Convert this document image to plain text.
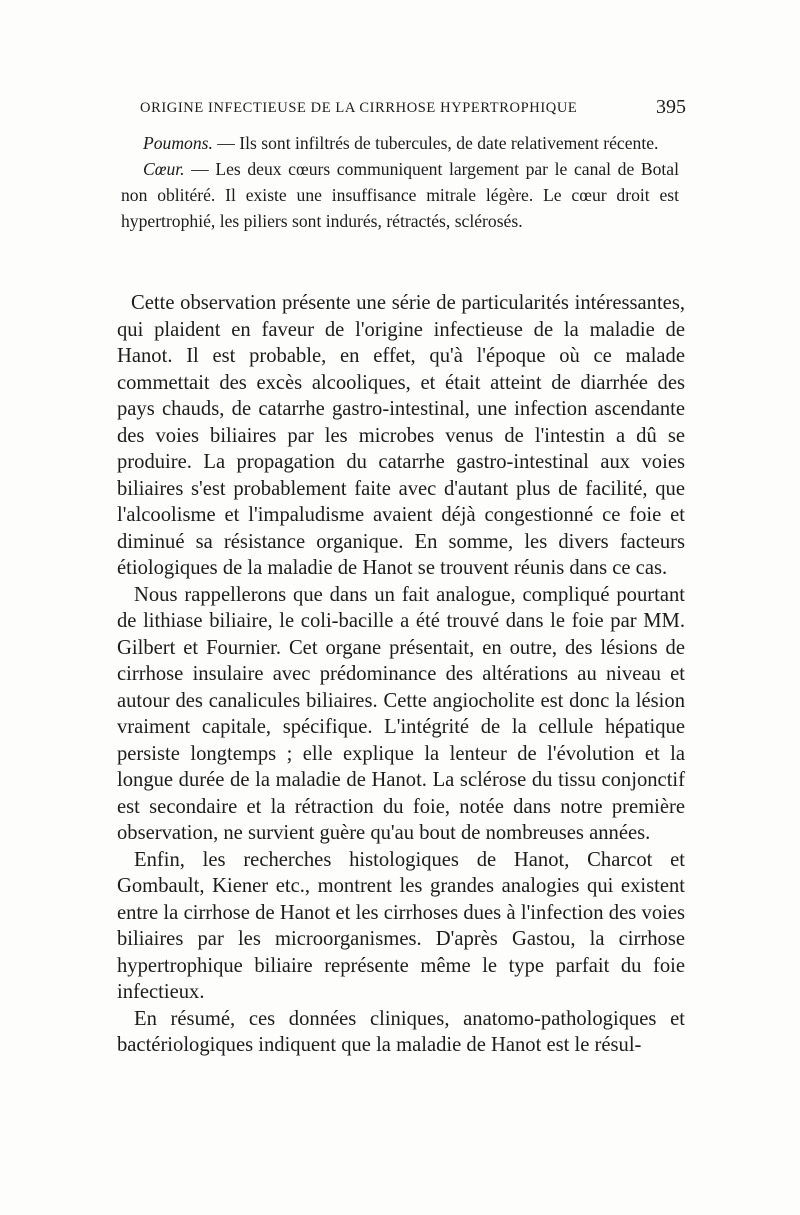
ORIGINE INFECTIEUSE DE LA CIRRHOSE HYPERTROPHIQUE	395

Poumons. — Ils sont infiltrés de tubercules, de date relativement récente.

Cœur. — Les deux cœurs communiquent largement par le canal de Botal non oblitéré. Il existe une insuffisance mitrale légère. Le cœur droit est hypertrophié, les piliers sont indurés, rétractés, sclérosés.

Cette observation présente une série de particularités intéressantes, qui plaident en faveur de l'origine infectieuse de la maladie de Hanot. Il est probable, en effet, qu'à l'époque où ce malade commettait des excès alcooliques, et était atteint de diarrhée des pays chauds, de catarrhe gastro-intestinal, une infection ascendante des voies biliaires par les microbes venus de l'intestin a dû se produire. La propagation du catarrhe gastro-intestinal aux voies biliaires s'est probablement faite avec d'autant plus de facilité, que l'alcoolisme et l'impaludisme avaient déjà congestionné ce foie et diminué sa résistance organique. En somme, les divers facteurs étiologiques de la maladie de Hanot se trouvent réunis dans ce cas.

Nous rappellerons que dans un fait analogue, compliqué pourtant de lithiase biliaire, le coli-bacille a été trouvé dans le foie par MM. Gilbert et Fournier. Cet organe présentait, en outre, des lésions de cirrhose insulaire avec prédominance des altérations au niveau et autour des canalicules biliaires. Cette angiocholite est donc la lésion vraiment capitale, spécifique. L'intégrité de la cellule hépatique persiste longtemps ; elle explique la lenteur de l'évolution et la longue durée de la maladie de Hanot. La sclérose du tissu conjonctif est secondaire et la rétraction du foie, notée dans notre première observation, ne survient guère qu'au bout de nombreuses années.

Enfin, les recherches histologiques de Hanot, Charcot et Gombault, Kiener etc., montrent les grandes analogies qui existent entre la cirrhose de Hanot et les cirrhoses dues à l'infection des voies biliaires par les microorganismes. D'après Gastou, la cirrhose hypertrophique biliaire représente même le type parfait du foie infectieux.

En résumé, ces données cliniques, anatomo-pathologiques et bactériologiques indiquent que la maladie de Hanot est le résul-
